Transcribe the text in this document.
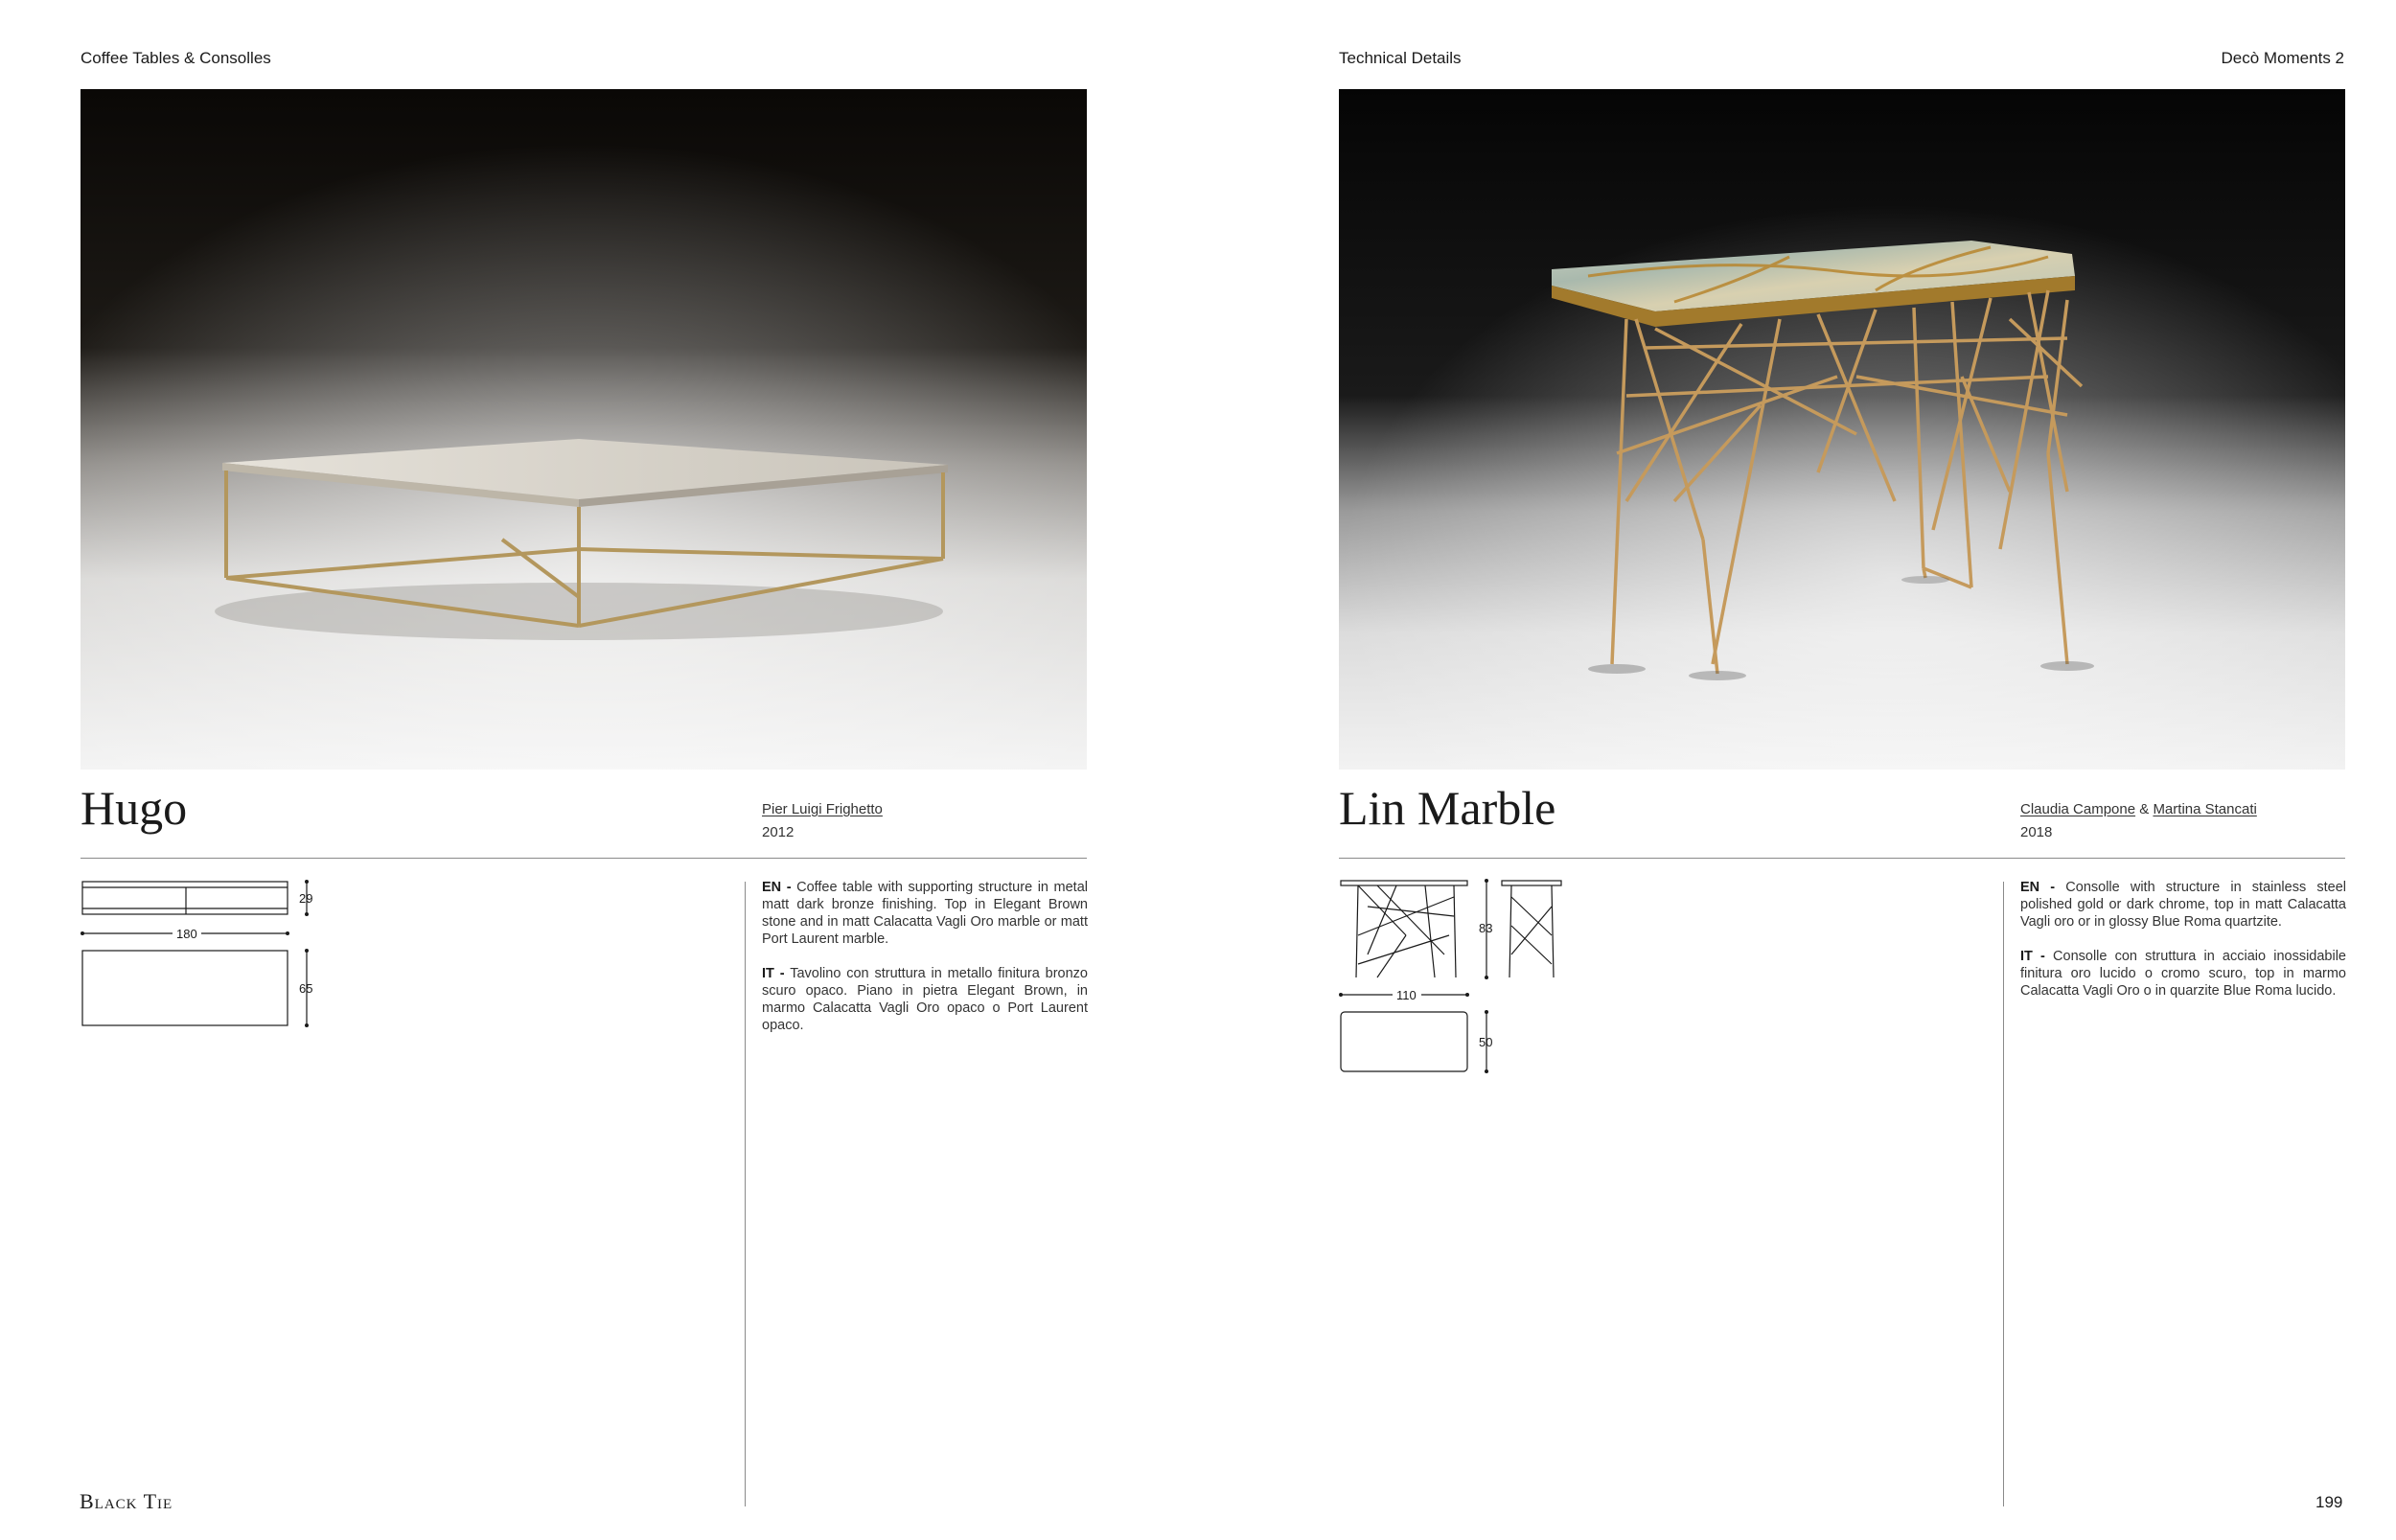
Coffee Tables & Consolles	Technical Details	Decò Moments 2
Hugo	Pier Luigi Frighetto
2012
29
180
65

EN - Coffee table with supporting structure in metal matt dark bronze finishing. Top in Elegant Brown stone and in matt Calacatta Vagli Oro marble or matt Port Laurent marble.

IT - Tavolino con struttura in metallo finitura bronzo scuro opaco. Piano in pietra Elegant Brown, in marmo Calacatta Vagli Oro opaco o Port Laurent opaco.

Lin Marble	Claudia Campone & Martina Stancati
2018
83
110
50

EN - Consolle with structure in stainless steel polished gold or dark chrome, top in matt Calacatta Vagli oro or in glossy Blue Roma quartzite.

IT - Consolle con struttura in acciaio inossidabile finitura oro lucido o cromo scuro, top in marmo Calacatta Vagli Oro o in quarzite Blue Roma lucido.

Black Tie	199
